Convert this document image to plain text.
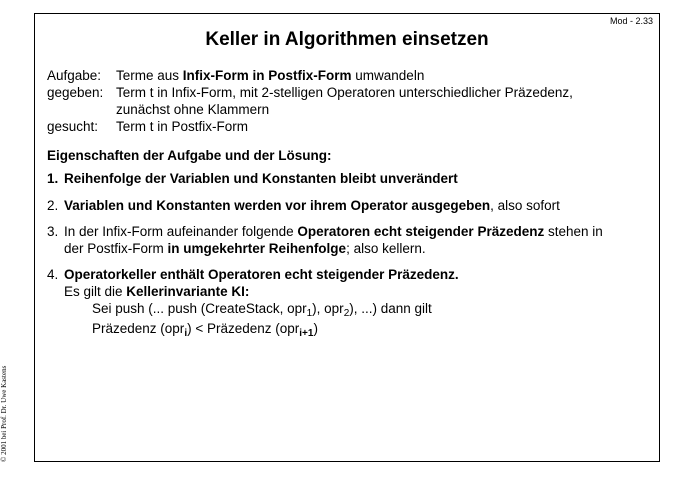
Mod - 2.33
Keller in Algorithmen einsetzen
Aufgabe:	Terme aus Infix-Form in Postfix-Form umwandeln
gegeben: Term t in Infix-Form, mit 2-stelligen Operatoren unterschiedlicher Präzedenz,
zunächst ohne Klammern
gesucht:	Term t in Postfix-Form
Eigenschaften der Aufgabe und der Lösung:
1. Reihenfolge der Variablen und Konstanten bleibt unverändert
2. Variablen und Konstanten werden vor ihrem Operator ausgegeben, also sofort
3. In der Infix-Form aufeinander folgende Operatoren echt steigender Präzedenz stehen in
der Postfix-Form in umgekehrter Reihenfolge; also kellern.
4. Operatorkeller enthält Operatoren echt steigender Präzedenz.
Es gilt die Kellerinvariante KI:
Sei push (... push (CreateStack, opr$_1$), opr$_2$), ...) dann gilt
Präzedenz (opr$_i$) < Präzedenz (opr$_{i+1}$)
© 2001 bei Prof. Dr. Uwe Kastens
